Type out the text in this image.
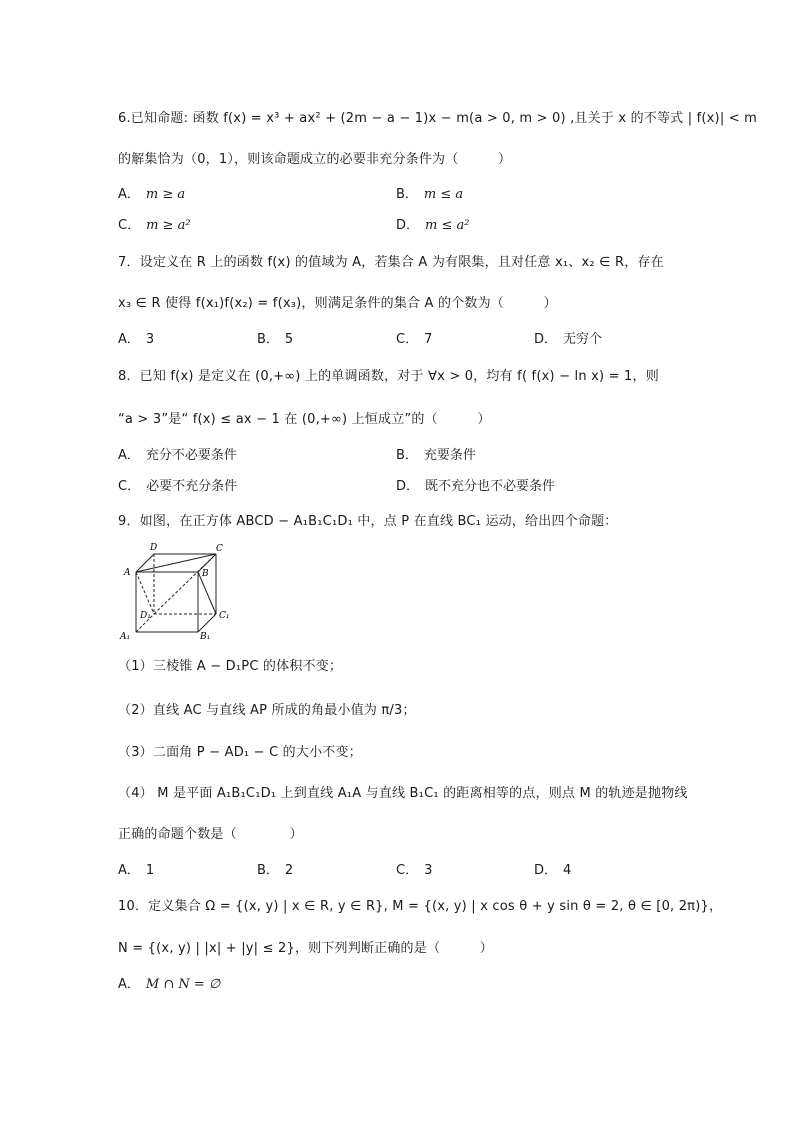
6.已知命题: 函数 f(x) = x³ + ax² + (2m − a − 1)x − m(a > 0, m > 0) ,且关于 x 的不等式 | f(x)| < m
的解集恰为（0，1），则该命题成立的必要非充分条件为（　　　）
A． m ≥ a	B． m ≤ a
C． m ≥ a²	D． m ≤ a²
7．设定义在 R 上的函数 f(x) 的值域为 A，若集合 A 为有限集，且对任意 x₁、x₂ ∈ R，存在
x₃ ∈ R 使得 f(x₁)f(x₂) = f(x₃)，则满足条件的集合 A 的个数为（　　　）
A． 3	B． 5	C． 7	D． 无穷个
8．已知 f(x) 是定义在 (0,+∞) 上的单调函数，对于 ∀x > 0，均有 f( f(x) − ln x) = 1，则
“a > 3”是“ f(x) ≤ ax − 1 在 (0,+∞) 上恒成立”的（　　　）
A． 充分不必要条件	B． 充要条件
C． 必要不充分条件	D． 既不充分也不必要条件
9．如图，在正方体 ABCD − A₁B₁C₁D₁ 中，点 P 在直线 BC₁ 运动，给出四个命题：
D	C
A	B
D₁	C₁
A₁	B₁
（1）三棱锥 A − D₁PC 的体积不变；
（2）直线 AC 与直线 AP 所成的角最小值为 π/3；
（3）二面角 P − AD₁ − C 的大小不变；
（4） M 是平面 A₁B₁C₁D₁ 上到直线 A₁A 与直线 B₁C₁ 的距离相等的点，则点 M 的轨迹是抛物线
正确的命题个数是（　　　　）
A． 1	B． 2	C． 3	D． 4
10．定义集合 Ω = {(x, y) | x ∈ R, y ∈ R}, M = {(x, y) | x cos θ + y sin θ = 2, θ ∈ [0, 2π)}，
N = {(x, y) | |x| + |y| ≤ 2}，则下列判断正确的是（　　　）
A． M ∩ N = ∅
